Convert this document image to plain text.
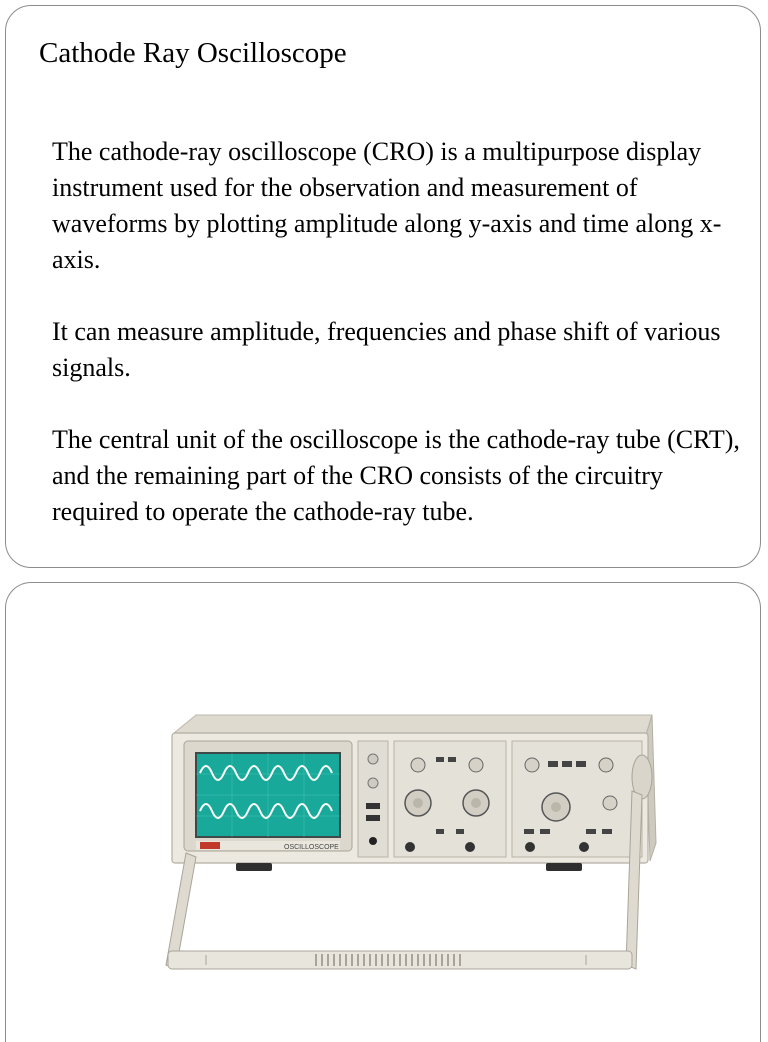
Cathode Ray Oscilloscope

The cathode-ray oscilloscope (CRO) is a multipurpose display instrument used for the observation and measurement of waveforms by plotting amplitude along y-axis and time along x-axis.

It can measure amplitude, frequencies and phase shift of various signals.

The central unit of the oscilloscope is the cathode-ray tube (CRT), and the remaining part of the CRO consists of the circuitry required to operate the cathode-ray tube.

OSCILLOSCOPE
